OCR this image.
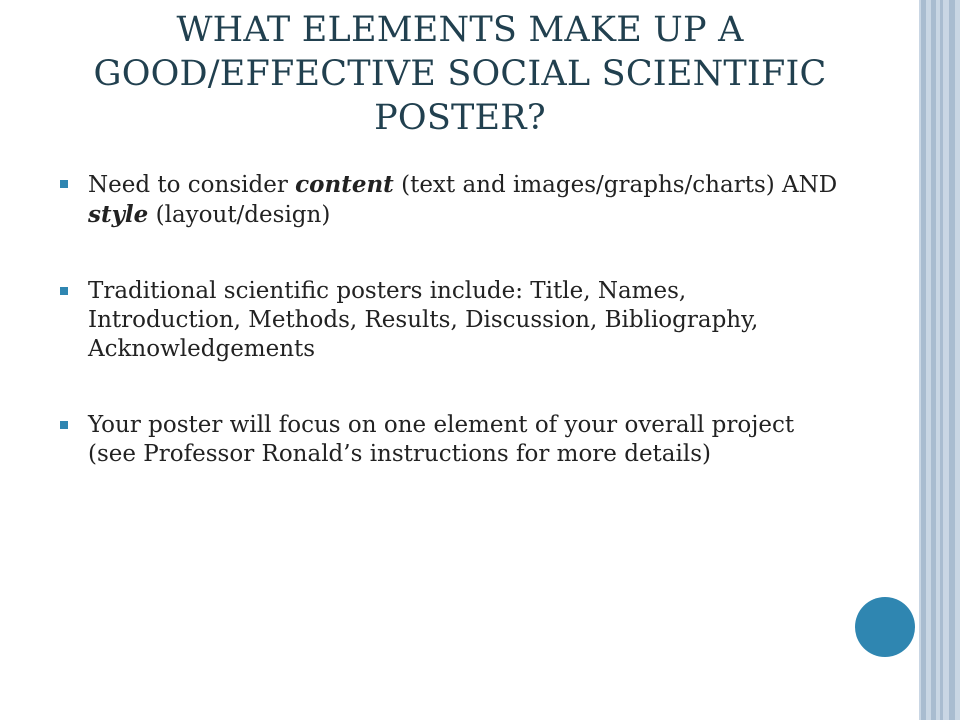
WHAT ELEMENTS MAKE UP A GOOD/EFFECTIVE SOCIAL SCIENTIFIC POSTER?
Need to consider content (text and images/graphs/charts) AND style (layout/design)
Traditional scientific posters include: Title, Names, Introduction, Methods, Results, Discussion, Bibliography, Acknowledgements
Your poster will focus on one element of your overall project (see Professor Ronald’s instructions for more details)
